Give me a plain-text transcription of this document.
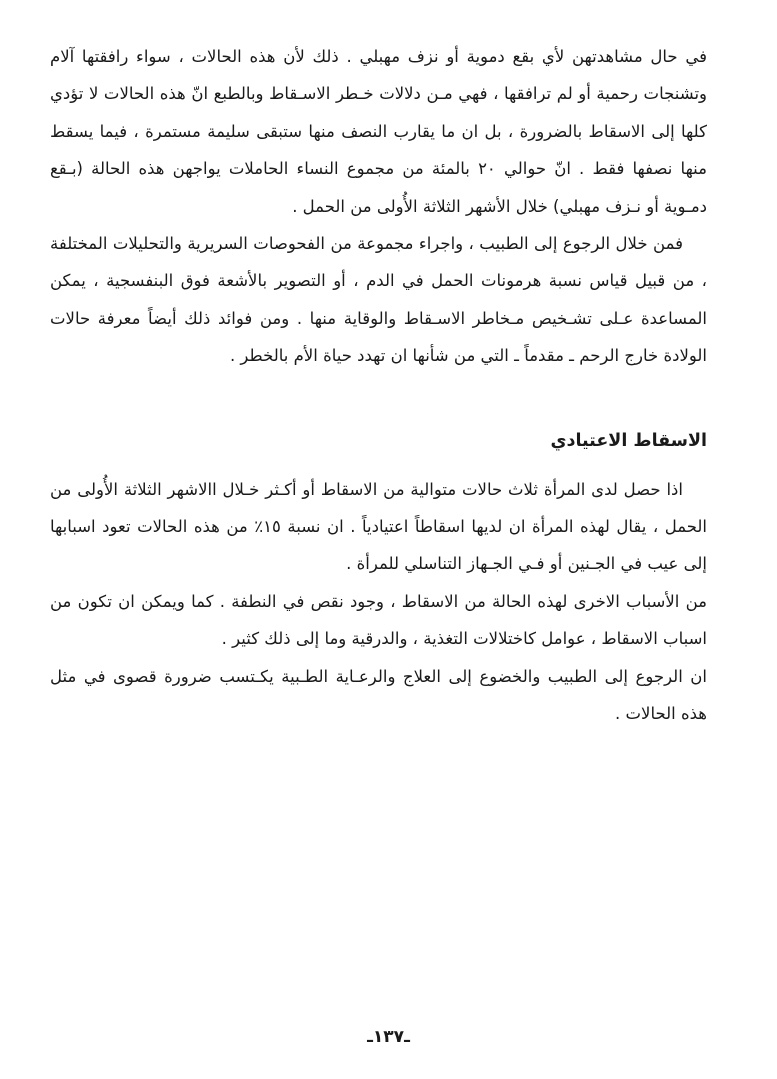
في حال مشاهدتهن لأي بقع دموية أو نزف مهبلي . ذلك لأن هذه الحالات ، سواء رافقتها آلام وتشنجات رحمية أو لم ترافقها ، فهي مـن دلالات خـطر الاسـقاط وبالطبع انّ هذه الحالات لا تؤدي كلها إلى الاسقاط بالضرورة ، بل ان ما يقارب النصف منها ستبقى سليمة مستمرة ، فيما يسقط منها نصفها فقط . انّ حوالي ٢٠ بالمئة من مجموع النساء الحاملات يواجهن هذه الحالة (بـقع دمـوية أو نـزف مهبلي) خلال الأشهر الثلاثة الأُولى من الحمل .

فمن خلال الرجوع إلى الطبيب ، واجراء مجموعة من الفحوصات السريرية والتحليلات المختلفة ، من قبيل قياس نسبة هرمونات الحمل في الدم ، أو التصوير بالأشعة فوق البنفسجية ، يمكن المساعدة عـلى تشـخيص مـخاطر الاسـقاط والوقاية منها . ومن فوائد ذلك أيضاً معرفة حالات الولادة خارج الرحم ـ مقدماً ـ التي من شأنها ان تهدد حياة الأم بالخطر .

الاسقاط الاعتيادي

اذا حصل لدى المرأة ثلاث حالات متوالية من الاسقاط أو أكـثر خـلال االاشهر الثلاثة الأُولى من الحمل ، يقال لهذه المرأة ان لديها اسقاطاً اعتيادياً . ان نسبة ١٥٪ من هذه الحالات تعود اسبابها إلى عيب في الجـنين أو فـي الجـهاز التناسلي للمرأة .

من الأسباب الاخرى لهذه الحالة من الاسقاط ، وجود نقص في النطفة . كما ويمكن ان تكون من اسباب الاسقاط ، عوامل كاختلالات التغذية ، والدرقية وما إلى ذلك كثير .

ان الرجوع إلى الطبيب والخضوع إلى العلاج والرعـاية الطـبية يكـتسب ضرورة قصوى في مثل هذه الحالات .

ـ١٣٧ـ
